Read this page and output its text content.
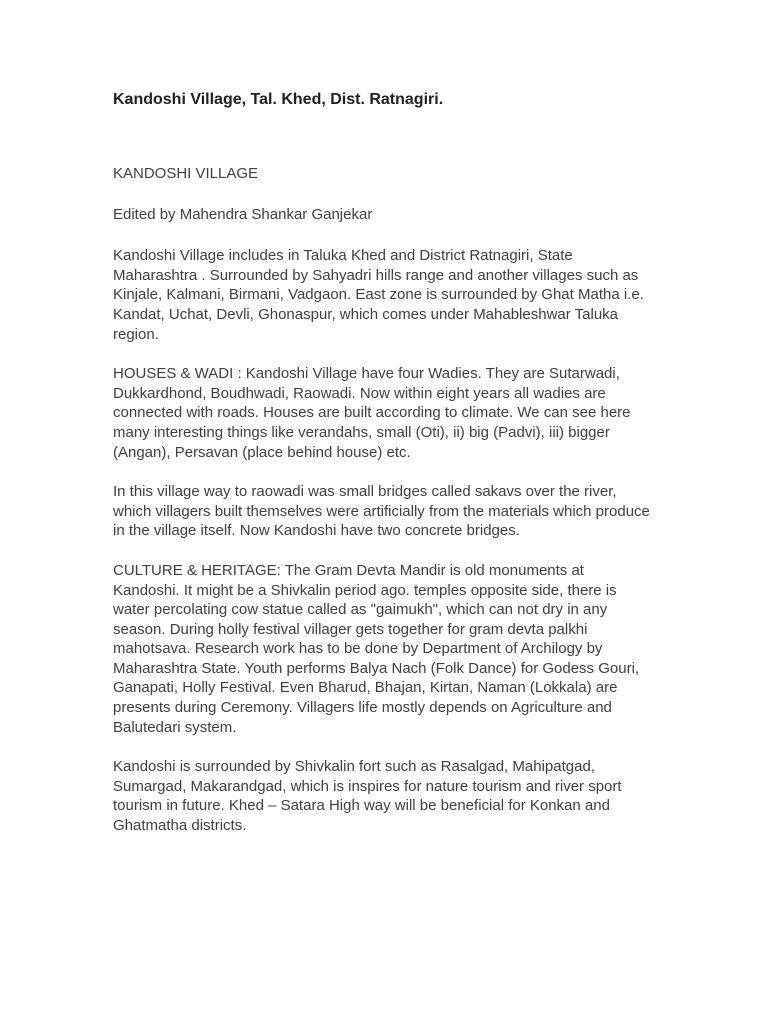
Kandoshi Village, Tal. Khed, Dist. Ratnagiri.

KANDOSHI VILLAGE

Edited by Mahendra Shankar Ganjekar

Kandoshi Village includes in Taluka Khed and District Ratnagiri, State Maharashtra . Surrounded by Sahyadri hills range and another villages such as Kinjale, Kalmani, Birmani, Vadgaon. East zone is surrounded by Ghat Matha i.e. Kandat, Uchat, Devli, Ghonaspur, which comes under Mahableshwar Taluka region.

HOUSES & WADI : Kandoshi Village have four Wadies. They are Sutarwadi, Dukkardhond, Boudhwadi, Raowadi. Now within eight years all wadies are connected with roads. Houses are built according to climate. We can see here many interesting things like verandahs, small (Oti), ii) big (Padvi), iii) bigger (Angan), Persavan (place behind house) etc.

In this village way to raowadi was small bridges called sakavs over the river, which villagers built themselves were artificially from the materials which produce in the village itself. Now Kandoshi have two concrete bridges.

CULTURE & HERITAGE: The Gram Devta Mandir is old monuments at Kandoshi. It might be a Shivkalin period ago. temples opposite side, there is water percolating cow statue called as "gaimukh", which can not dry in any season. During holly festival villager gets together for gram devta palkhi mahotsava. Research work has to be done by Department of Archilogy by Maharashtra State. Youth performs Balya Nach (Folk Dance) for Godess Gouri, Ganapati, Holly Festival. Even Bharud, Bhajan, Kirtan, Naman (Lokkala) are presents during Ceremony. Villagers life mostly depends on Agriculture and Balutedari system.

Kandoshi is surrounded by Shivkalin fort such as Rasalgad, Mahipatgad, Sumargad, Makarandgad, which is inspires for nature tourism and river sport tourism in future. Khed – Satara High way will be beneficial for Konkan and Ghatmatha districts.
